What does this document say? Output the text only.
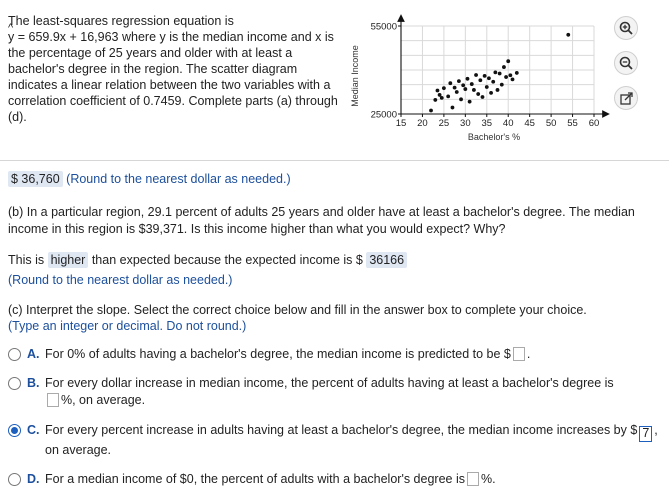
The least-squares regression equation is
^ y = 659.9x + 16,963 where y is the median income and x is the percentage of 25 years and older with at least a bachelor's degree in the region. The scatter diagram indicates a linear relation between the two variables with a correlation coefficient of 0.7459. Complete parts (a) through (d).	15 20 25 30 35 40 45 50 55 60
25000
55000
Median Income
Bachelor's %
$ 36,760 (Round to the nearest dollar as needed.)
(b) In a particular region, 29.1 percent of adults 25 years and older have at least a bachelor's degree. The median income in this region is $39,371. Is this income higher than what you would expect? Why?
This is higher than expected because the expected income is $ 36166
(Round to the nearest dollar as needed.)
(c) Interpret the slope. Select the correct choice below and fill in the answer box to complete your choice.
(Type an integer or decimal. Do not round.)
A. For 0% of adults having a bachelor's degree, the median income is predicted to be $ .
B. For every dollar increase in median income, the percent of adults having at least a bachelor's degree is
%, on average.
C. For every percent increase in adults having at least a bachelor's degree, the median income increases by $ 7 , on average.
D. For a median income of $0, the percent of adults with a bachelor's degree is %.
